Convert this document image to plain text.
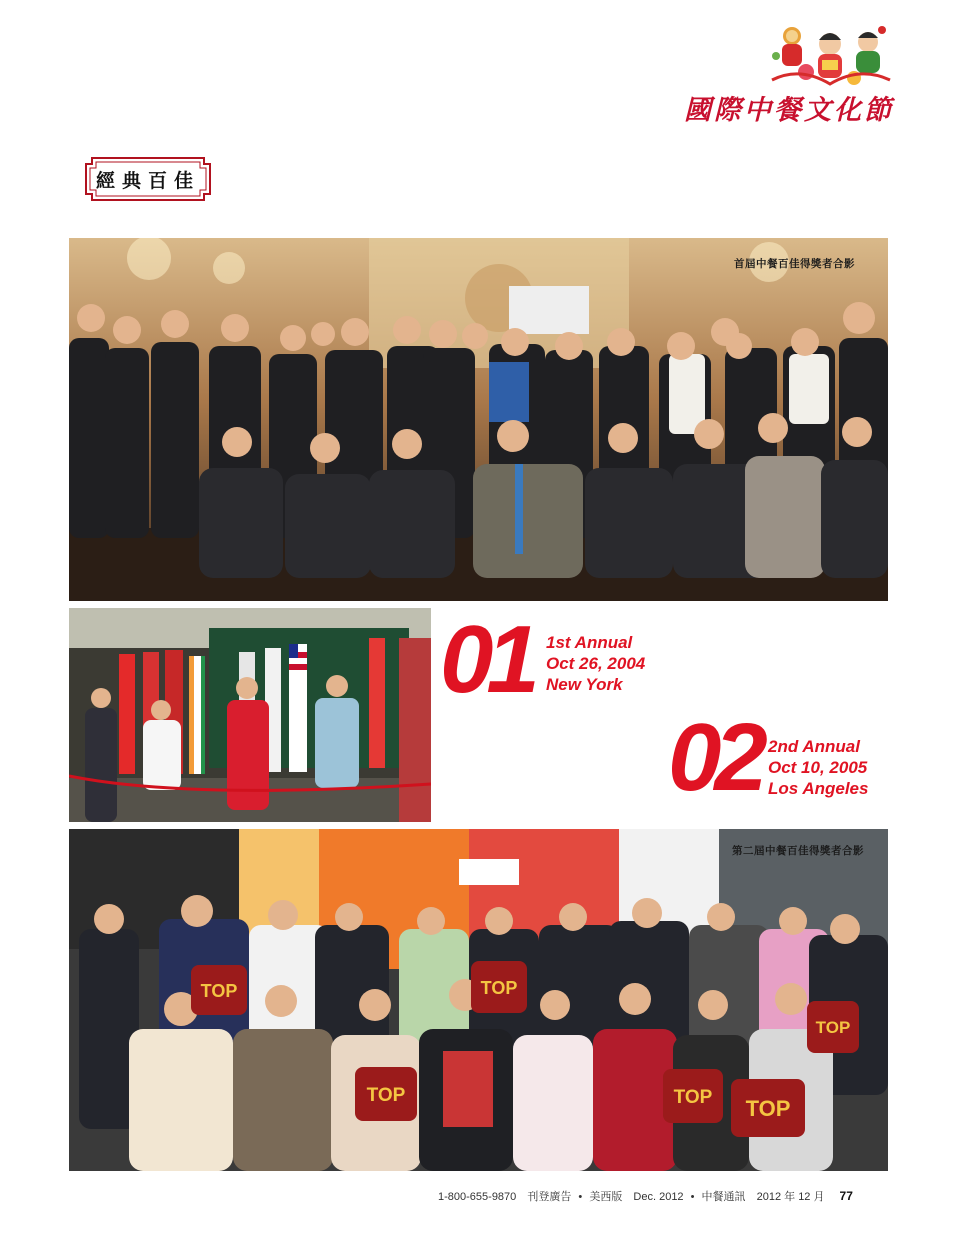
國際中餐文化節
經典百佳
首屆中餐百佳得獎者合影
01 1st Annual
Oct 26, 2004
New York
02 2nd Annual
Oct 10, 2005
Los Angeles
TOP	TOP
TOP	TOP TOP
TOP
第二屆中餐百佳得獎者合影
1-800-655-9870 刊登廣告 • 美西版 Dec. 2012 • 中餐通訊 2012 年 12 月 77
